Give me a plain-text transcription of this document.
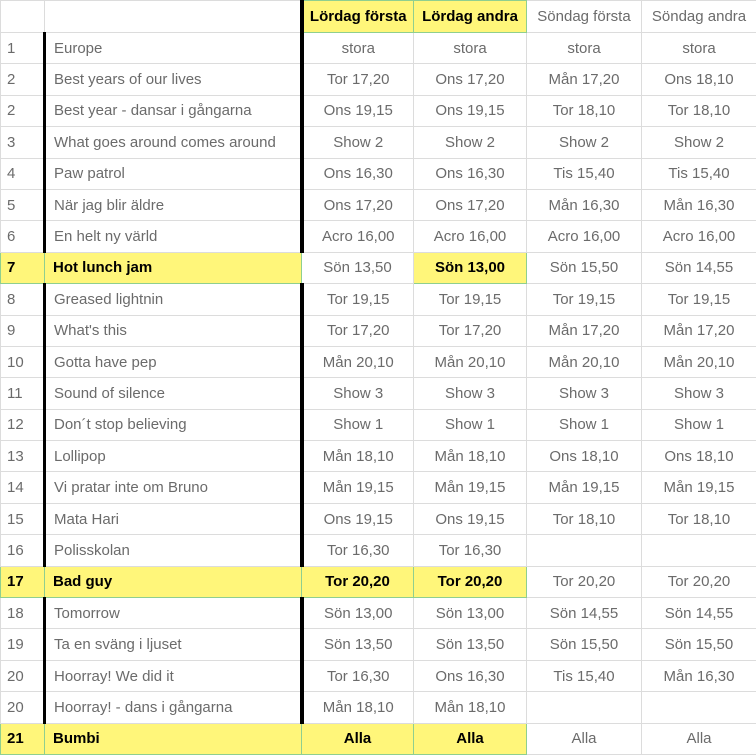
		Lördag första	Lördag andra	Söndag första	Söndag andra
1	Europe	stora	stora	stora	stora
2	Best years of our lives	Tor 17,20	Ons 17,20	Mån 17,20	Ons 18,10
2	Best year - dansar i gångarna	Ons 19,15	Ons 19,15	Tor 18,10	Tor 18,10
3	What goes around comes around	Show 2	Show 2	Show 2	Show 2
4	Paw patrol	Ons 16,30	Ons 16,30	Tis 15,40	Tis 15,40
5	När jag blir äldre	Ons 17,20	Ons 17,20	Mån 16,30	Mån 16,30
6	En helt ny värld	Acro 16,00	Acro 16,00	Acro 16,00	Acro 16,00
7	Hot lunch jam	Sön 13,50	Sön 13,00	Sön 15,50	Sön 14,55
8	Greased lightnin	Tor 19,15	Tor 19,15	Tor 19,15	Tor 19,15
9	What's this	Tor 17,20	Tor 17,20	Mån 17,20	Mån 17,20
10	Gotta have pep	Mån 20,10	Mån 20,10	Mån 20,10	Mån 20,10
11	Sound of silence	Show 3	Show 3	Show 3	Show 3
12	Don´t stop believing	Show 1	Show 1	Show 1	Show 1
13	Lollipop	Mån 18,10	Mån 18,10	Ons 18,10	Ons 18,10
14	Vi pratar inte om Bruno	Mån 19,15	Mån 19,15	Mån 19,15	Mån 19,15
15	Mata Hari	Ons 19,15	Ons 19,15	Tor 18,10	Tor 18,10
16	Polisskolan	Tor 16,30	Tor 16,30		
17	Bad guy	Tor 20,20	Tor 20,20	Tor 20,20	Tor 20,20
18	Tomorrow	Sön 13,00	Sön 13,00	Sön 14,55	Sön 14,55
19	Ta en sväng i ljuset	Sön 13,50	Sön 13,50	Sön 15,50	Sön 15,50
20	Hoorray! We did it	Tor 16,30	Ons 16,30	Tis 15,40	Mån 16,30
20	Hoorray! - dans i gångarna	Mån 18,10	Mån 18,10		
21	Bumbi	Alla	Alla	Alla	Alla
